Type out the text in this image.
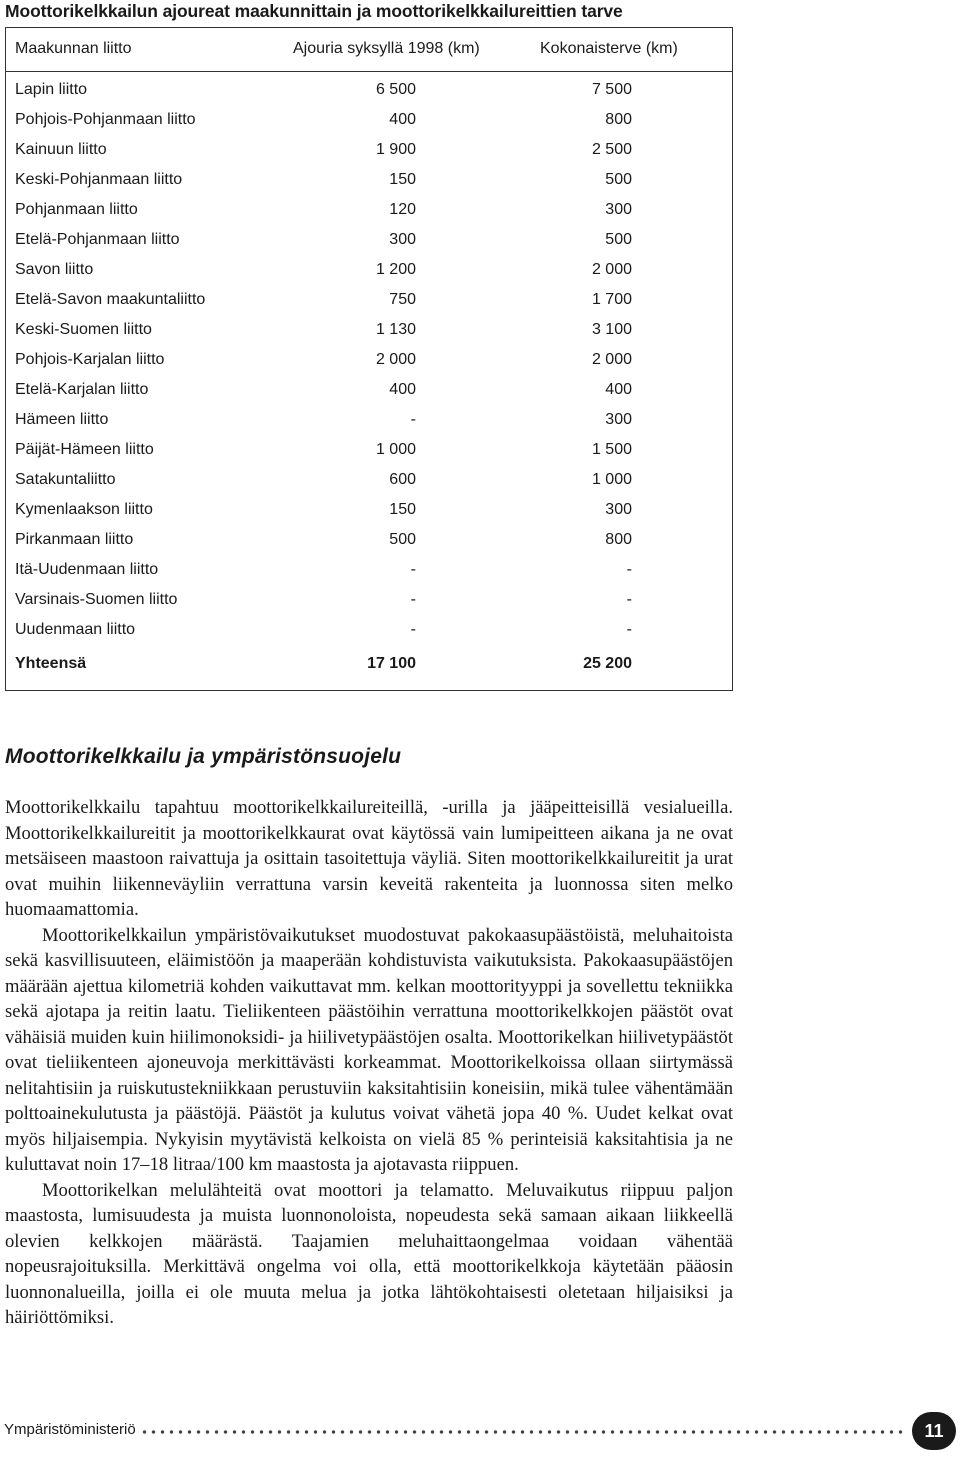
Moottorikelkkailun ajoureat maakunnittain ja moottorikelkkailureittien tarve
Maakunnan liitto	Ajouria syksyllä 1998 (km)	Kokonaisterve (km)
Lapin liitto	6 500	7 500
Pohjois-Pohjanmaan liitto	400	800
Kainuun liitto	1 900	2 500
Keski-Pohjanmaan liitto	150	500
Pohjanmaan liitto	120	300
Etelä-Pohjanmaan liitto	300	500
Savon liitto	1 200	2 000
Etelä-Savon maakuntaliitto	750	1 700
Keski-Suomen liitto	1 130	3 100
Pohjois-Karjalan liitto	2 000	2 000
Etelä-Karjalan liitto	400	400
Hämeen liitto	-	300
Päijät-Hämeen liitto	1 000	1 500
Satakuntaliitto	600	1 000
Kymenlaakson liitto	150	300
Pirkanmaan liitto	500	800
Itä-Uudenmaan liitto	-	-
Varsinais-Suomen liitto	-	-
Uudenmaan liitto	-	-
Yhteensä	17 100	25 200
Moottorikelkkailu ja ympäristönsuojelu

Moottorikelkkailu tapahtuu moottorikelkkailureiteillä, -urilla ja jääpeitteisillä vesialueilla. Moottorikelkkailureitit ja moottorikelkkaurat ovat käytössä vain lumipeitteen aikana ja ne ovat metsäiseen maastoon raivattuja ja osittain tasoitettuja väyliä. Siten moottorikelkkailureitit ja urat ovat muihin liikenneväyliin verrattuna varsin keveitä rakenteita ja luonnossa siten melko huomaamattomia.

Moottorikelkkailun ympäristövaikutukset muodostuvat pakokaasupäästöistä, meluhaitoista sekä kasvillisuuteen, eläimistöön ja maaperään kohdistuvista vaikutuksista. Pakokaasupäästöjen määrään ajettua kilometriä kohden vaikuttavat mm. kelkan moottorityyppi ja sovellettu tekniikka sekä ajotapa ja reitin laatu. Tieliikenteen päästöihin verrattuna moottorikelkkojen päästöt ovat vähäisiä muiden kuin hiilimonoksidi- ja hiilivetypäästöjen osalta. Moottorikelkan hiilivetypäästöt ovat tieliikenteen ajoneuvoja merkittävästi korkeammat. Moottorikelkoissa ollaan siirtymässä nelitahtisiin ja ruiskutustekniikkaan perustuviin kaksitahtisiin koneisiin, mikä tulee vähentämään polttoainekulutusta ja päästöjä. Päästöt ja kulutus voivat vähetä jopa 40 %. Uudet kelkat ovat myös hiljaisempia. Nykyisin myytävistä kelkoista on vielä 85 % perinteisiä kaksitahtisia ja ne kuluttavat noin 17–18 litraa/100 km maastosta ja ajotavasta riippuen.

Moottorikelkan melulähteitä ovat moottori ja telamatto. Meluvaikutus riippuu paljon maastosta, lumisuudesta ja muista luonnonoloista, nopeudesta sekä samaan aikaan liikkeellä olevien kelkkojen määrästä. Taajamien meluhaittaongelmaa voidaan vähentää nopeusrajoituksilla. Merkittävä ongelma voi olla, että moottorikelkkoja käytetään pääosin luonnonalueilla, joilla ei ole muuta melua ja jotka lähtökohtaisesti oletetaan hiljaisiksi ja häiriöttömiksi.

Ympäristöministeriö	11
